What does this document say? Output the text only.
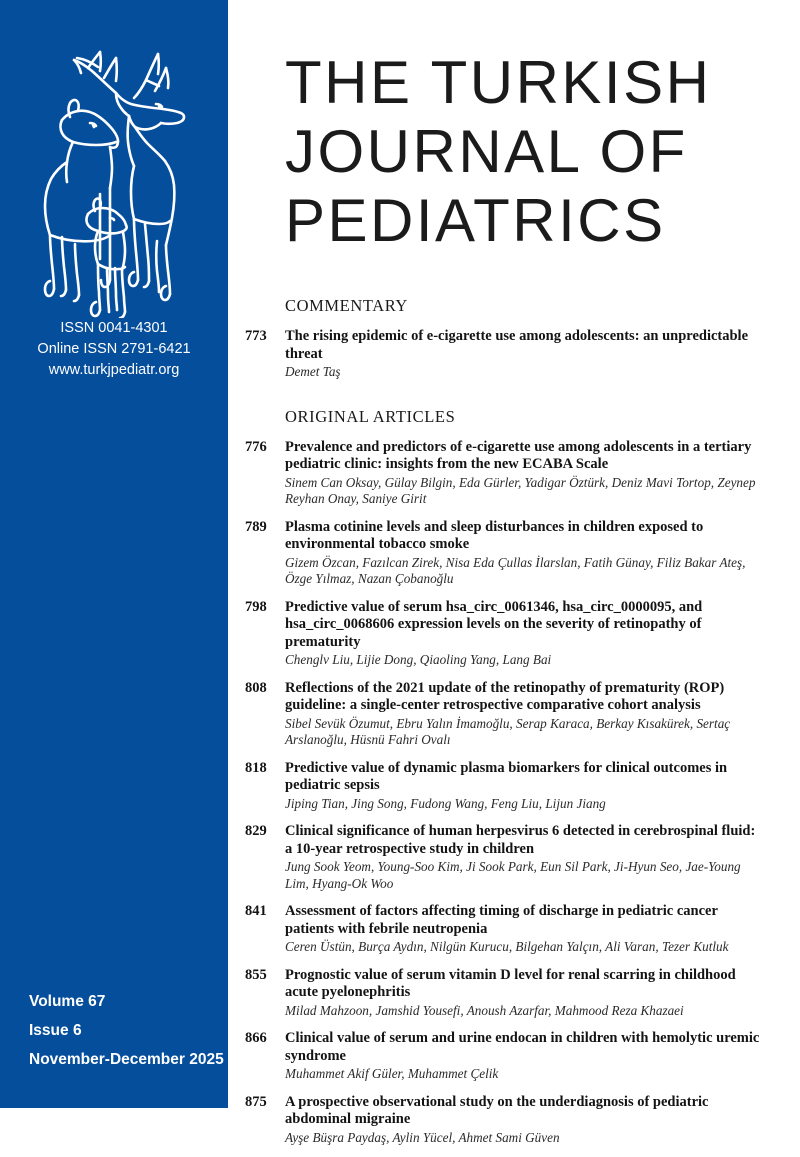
ISSN 0041-4301
Online ISSN 2791-6421
www.turkjpediatr.org
Volume 67
Issue 6
November-December 2025
THE TURKISH
JOURNAL OF
PEDIATRICS
COMMENTARY
773	The rising epidemic of e-cigarette use among adolescents: an unpredictable threat
Demet Taş
ORIGINAL ARTICLES
776	Prevalence and predictors of e-cigarette use among adolescents in a tertiary pediatric clinic: insights from the new ECABA Scale
Sinem Can Oksay, Gülay Bilgin, Eda Gürler, Yadigar Öztürk, Deniz Mavi Tortop, Zeynep Reyhan Onay, Saniye Girit
789	Plasma cotinine levels and sleep disturbances in children exposed to environmental tobacco smoke
Gizem Özcan, Fazılcan Zirek, Nisa Eda Çullas İlarslan, Fatih Günay, Filiz Bakar Ateş, Özge Yılmaz, Nazan Çobanoğlu
798	Predictive value of serum hsa_circ_0061346, hsa_circ_0000095, and hsa_circ_0068606 expression levels on the severity of retinopathy of prematurity
Chenglv Liu, Lijie Dong, Qiaoling Yang, Lang Bai
808	Reflections of the 2021 update of the retinopathy of prematurity (ROP) guideline: a single-center retrospective comparative cohort analysis
Sibel Sevük Özumut, Ebru Yalın İmamoğlu, Serap Karaca, Berkay Kısakürek, Sertaç Arslanoğlu, Hüsnü Fahri Ovalı
818	Predictive value of dynamic plasma biomarkers for clinical outcomes in pediatric sepsis
Jiping Tian, Jing Song, Fudong Wang, Feng Liu, Lijun Jiang
829	Clinical significance of human herpesvirus 6 detected in cerebrospinal fluid: a 10-year retrospective study in children
Jung Sook Yeom, Young-Soo Kim, Ji Sook Park, Eun Sil Park, Ji-Hyun Seo, Jae-Young Lim, Hyang-Ok Woo
841	Assessment of factors affecting timing of discharge in pediatric cancer patients with febrile neutropenia
Ceren Üstün, Burça Aydın, Nilgün Kurucu, Bilgehan Yalçın, Ali Varan, Tezer Kutluk
855	Prognostic value of serum vitamin D level for renal scarring in childhood acute pyelonephritis
Milad Mahzoon, Jamshid Yousefi, Anoush Azarfar, Mahmood Reza Khazaei
866	Clinical value of serum and urine endocan in children with hemolytic uremic syndrome
Muhammet Akif Güler, Muhammet Çelik
875	A prospective observational study on the underdiagnosis of pediatric abdominal migraine
Ayşe Büşra Paydaş, Aylin Yücel, Ahmet Sami Güven
